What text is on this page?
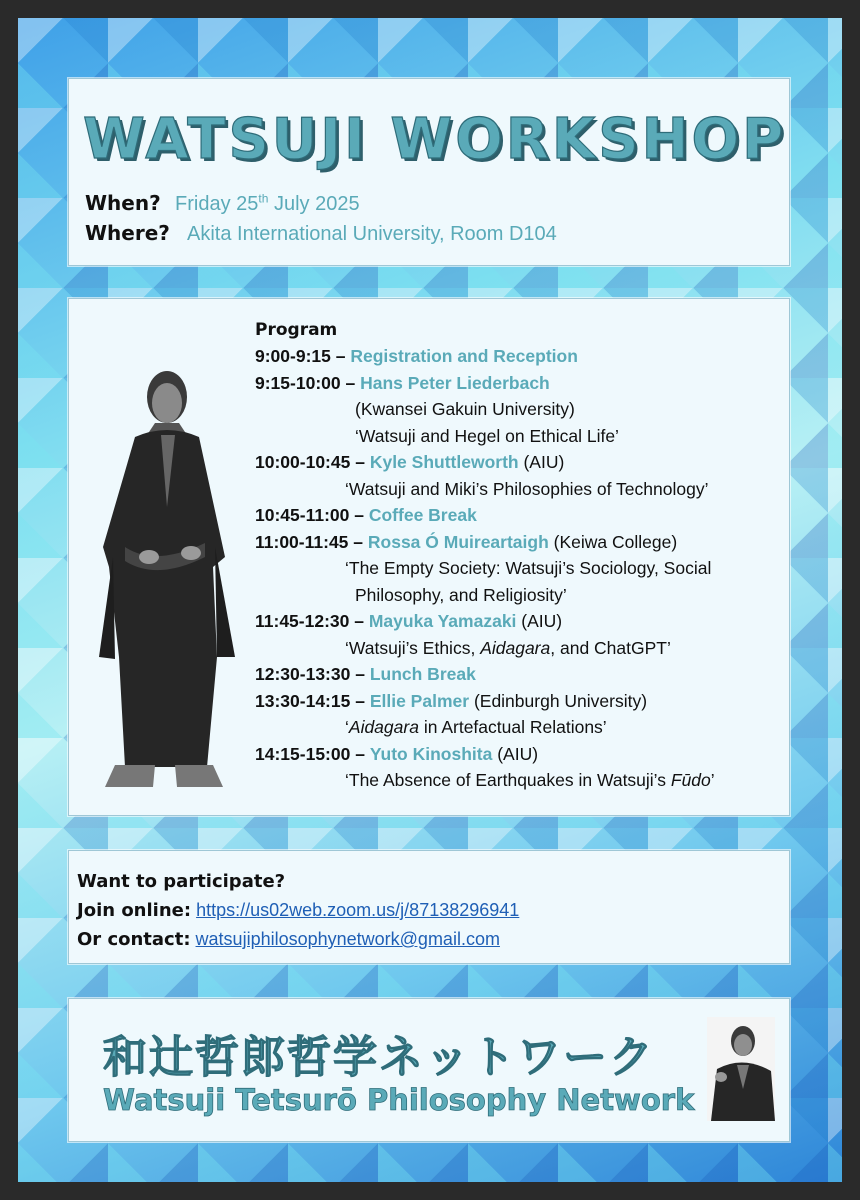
WATSUJI WORKSHOP
When? Friday 25th July 2025
Where? Akita International University, Room D104
Program
9:00-9:15 – Registration and Reception
9:15-10:00 – Hans Peter Liederbach
(Kwansei Gakuin University)
‘Watsuji and Hegel on Ethical Life’
10:00-10:45 – Kyle Shuttleworth (AIU)
‘Watsuji and Miki’s Philosophies of Technology’
10:45-11:00 – Coffee Break
11:00-11:45 – Rossa Ó Muireartaigh (Keiwa College)
‘The Empty Society: Watsuji’s Sociology, Social
Philosophy, and Religiosity’
11:45-12:30 – Mayuka Yamazaki (AIU)
‘Watsuji’s Ethics, Aidagara, and ChatGPT’
12:30-13:30 – Lunch Break
13:30-14:15 – Ellie Palmer (Edinburgh University)
‘Aidagara in Artefactual Relations’
14:15-15:00 – Yuto Kinoshita (AIU)
‘The Absence of Earthquakes in Watsuji’s Fūdo’
Want to participate?
Join online: https://us02web.zoom.us/j/87138296941
Or contact: watsujiphilosophynetwork@gmail.com
和辻哲郎哲学ネットワーク
Watsuji Tetsurō Philosophy Network
